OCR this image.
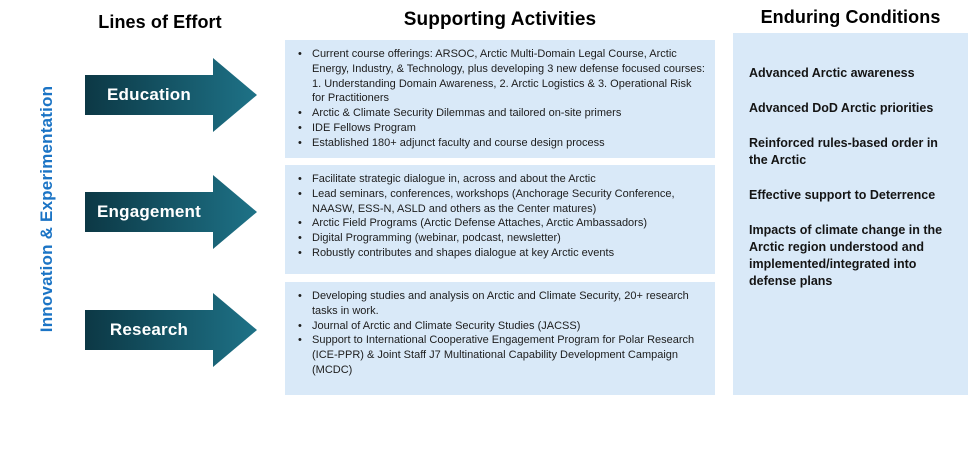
Lines of Effort	Supporting Activities	Enduring Conditions
Innovation & Experimentation	Education
Engagement
Research
• Current course offerings: ARSOC, Arctic Multi-Domain Legal Course, Arctic Energy, Industry, & Technology, plus developing 3 new defense focused courses: 1. Understanding Domain Awareness, 2. Arctic Logistics & 3. Operational Risk for Practitioners
• Arctic & Climate Security Dilemmas and tailored on-site primers
• IDE Fellows Program
• Established 180+ adjunct faculty and course design process
• Facilitate strategic dialogue in, across and about the Arctic
• Lead seminars, conferences, workshops (Anchorage Security Conference, NAASW, ESS-N, ASLD and others as the Center matures)
• Arctic Field Programs (Arctic Defense Attaches, Arctic Ambassadors)
• Digital Programming (webinar, podcast, newsletter)
• Robustly contributes and shapes dialogue at key Arctic events
• Developing studies and analysis on Arctic and Climate Security, 20+ research tasks in work.
• Journal of Arctic and Climate Security Studies (JACSS)
• Support to International Cooperative Engagement Program for Polar Research (ICE-PPR) & Joint Staff J7 Multinational Capability Development Campaign (MCDC)

Advanced Arctic awareness

Advanced DoD Arctic priorities

Reinforced rules-based order in the Arctic

Effective support to Deterrence

Impacts of climate change in the Arctic region understood and implemented/integrated into defense plans
